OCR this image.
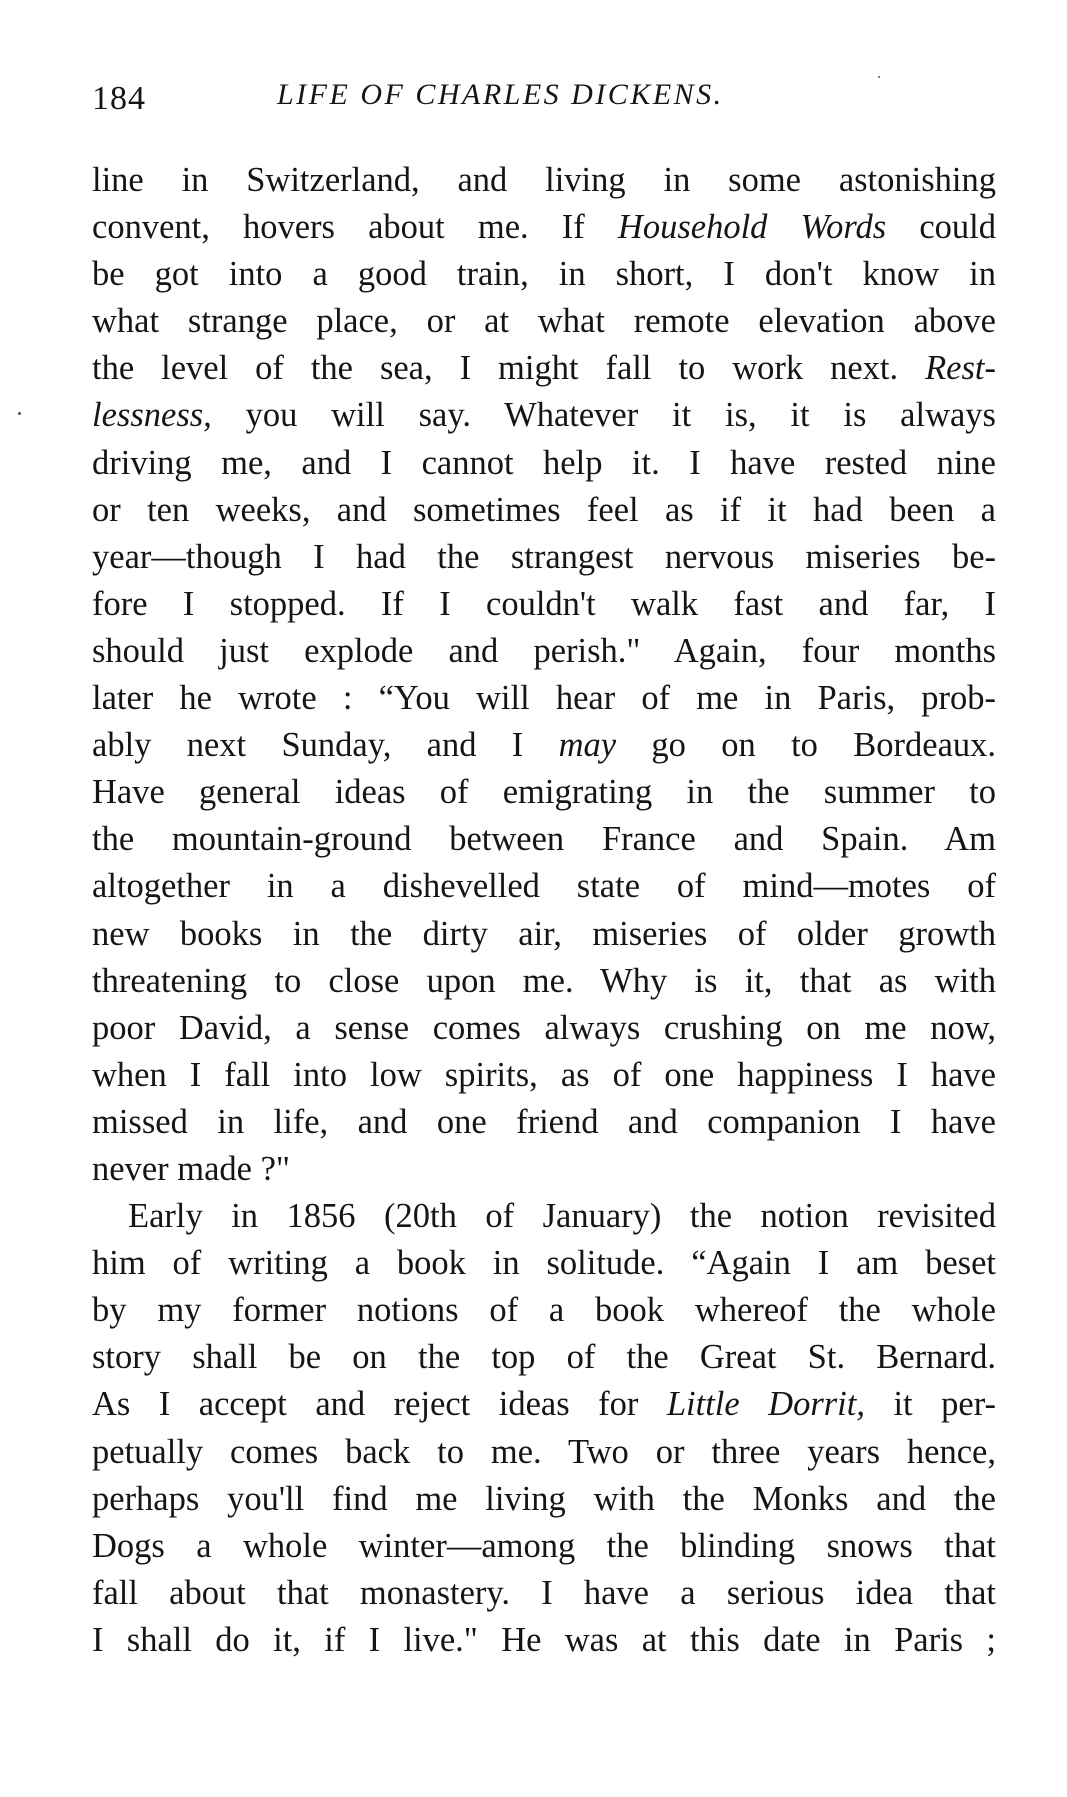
184	LIFE OF CHARLES DICKENS.
line in Switzerland, and living in some astonishing
convent, hovers about me. If Household Words could
be got into a good train, in short, I don't know in
what strange place, or at what remote elevation above
the level of the sea, I might fall to work next. Rest-
lessness, you will say. Whatever it is, it is always
driving me, and I cannot help it. I have rested nine
or ten weeks, and sometimes feel as if it had been a
year—though I had the strangest nervous miseries be-
fore I stopped. If I couldn't walk fast and far, I
should just explode and perish." Again, four months
later he wrote : “You will hear of me in Paris, prob-
ably next Sunday, and I may go on to Bordeaux.
Have general ideas of emigrating in the summer to
the mountain-ground between France and Spain. Am
altogether in a dishevelled state of mind—motes of
new books in the dirty air, miseries of older growth
threatening to close upon me. Why is it, that as with
poor David, a sense comes always crushing on me now,
when I fall into low spirits, as of one happiness I have
missed in life, and one friend and companion I have
never made ?"
Early in 1856 (20th of January) the notion revisited
him of writing a book in solitude. “Again I am beset
by my former notions of a book whereof the whole
story shall be on the top of the Great St. Bernard.
As I accept and reject ideas for Little Dorrit, it per-
petually comes back to me. Two or three years hence,
perhaps you'll find me living with the Monks and the
Dogs a whole winter—among the blinding snows that
fall about that monastery. I have a serious idea that
I shall do it, if I live." He was at this date in Paris ;
